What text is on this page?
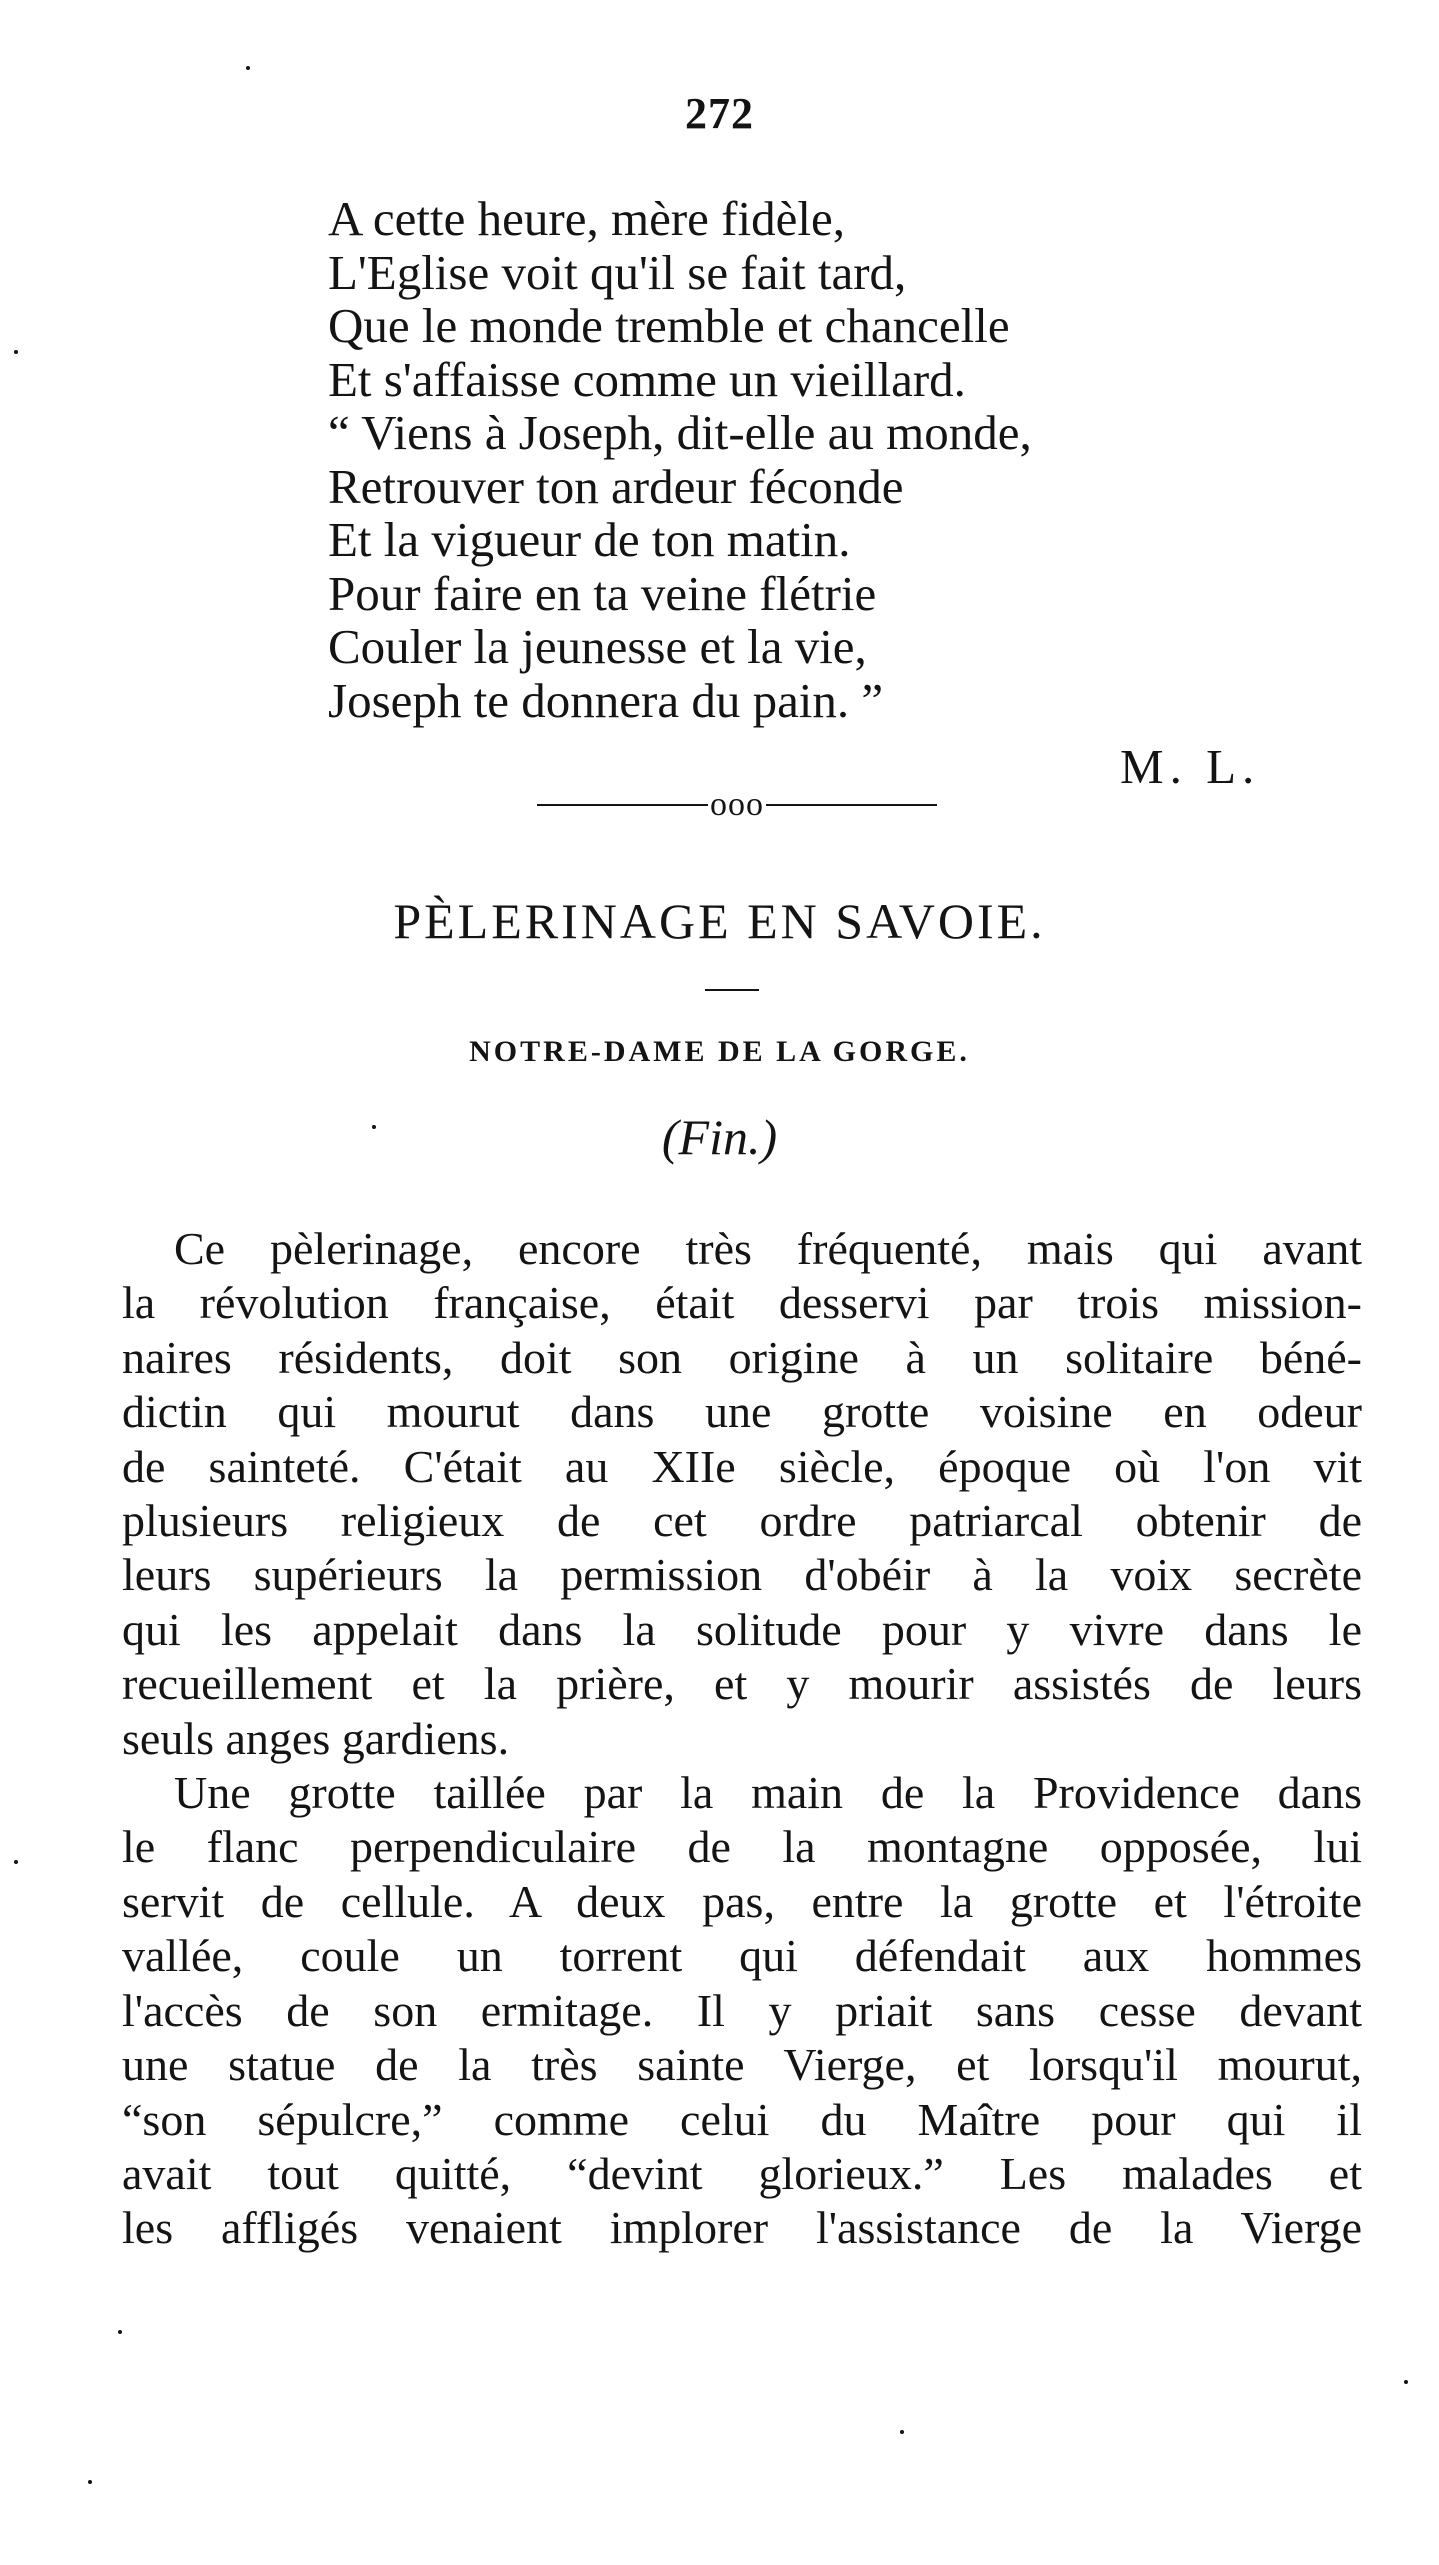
272
A cette heure, mère fidèle,
L'Eglise voit qu'il se fait tard,
Que le monde tremble et chancelle
Et s'affaisse comme un vieillard.
“ Viens à Joseph, dit-elle au monde,
Retrouver ton ardeur féconde
Et la vigueur de ton matin.
Pour faire en ta veine flétrie
Couler la jeunesse et la vie,
Joseph te donnera du pain. ”
M. L.
ooo
PÈLERINAGE EN SAVOIE.
NOTRE-DAME DE LA GORGE.
(Fin.)
Ce pèlerinage, encore très fréquenté, mais qui avant
la révolution française, était desservi par trois mission-
naires résidents, doit son origine à un solitaire béné-
dictin qui mourut dans une grotte voisine en odeur
de sainteté. C'était au XIIe siècle, époque où l'on vit
plusieurs religieux de cet ordre patriarcal obtenir de
leurs supérieurs la permission d'obéir à la voix secrète
qui les appelait dans la solitude pour y vivre dans le
recueillement et la prière, et y mourir assistés de leurs
seuls anges gardiens.
Une grotte taillée par la main de la Providence dans
le flanc perpendiculaire de la montagne opposée, lui
servit de cellule. A deux pas, entre la grotte et l'étroite
vallée, coule un torrent qui défendait aux hommes
l'accès de son ermitage. Il y priait sans cesse devant
une statue de la très sainte Vierge, et lorsqu'il mourut,
“son sépulcre,” comme celui du Maître pour qui il
avait tout quitté, “devint glorieux.” Les malades et
les affligés venaient implorer l'assistance de la Vierge
